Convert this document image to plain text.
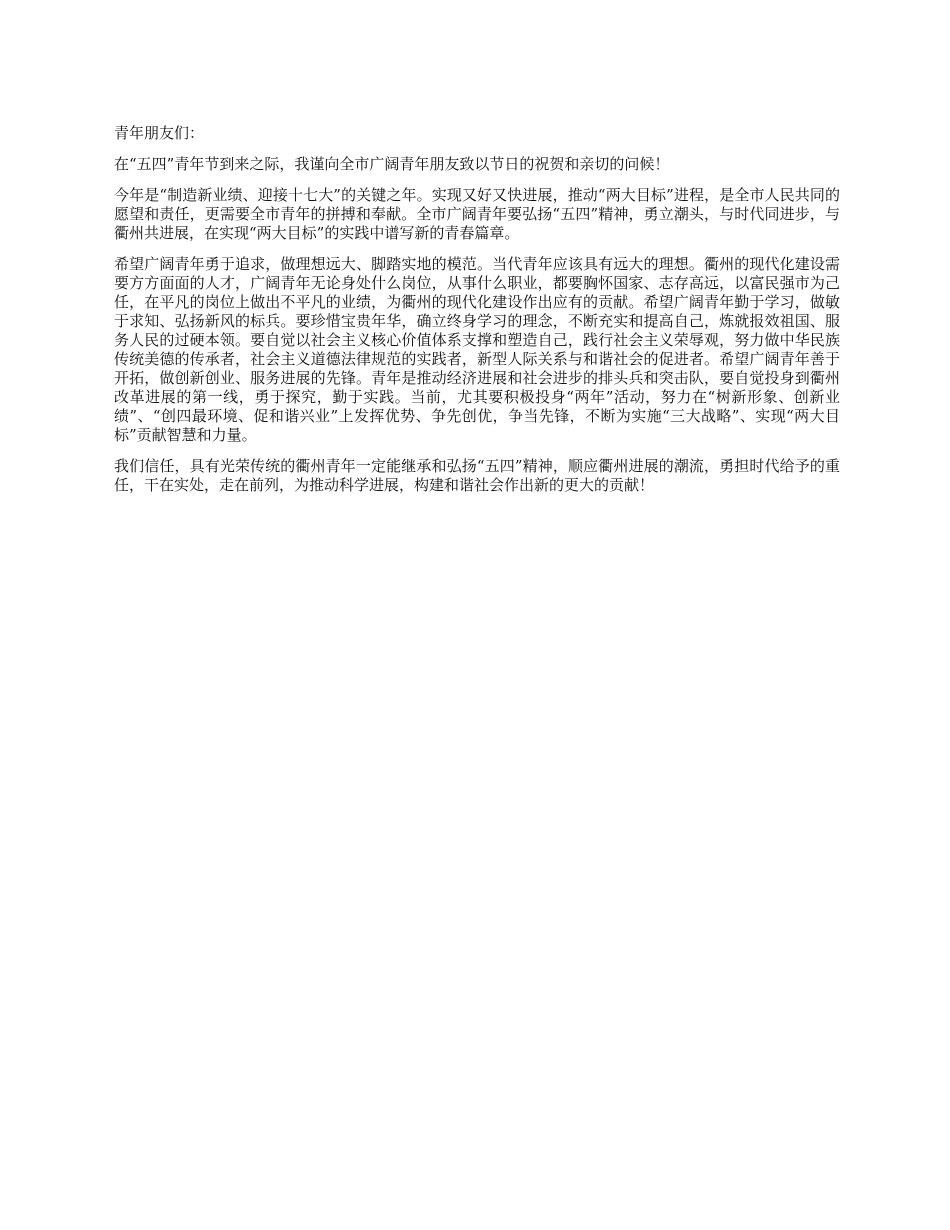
青年朋友们：

在“五四”青年节到来之际，我谨向全市广阔青年朋友致以节日的祝贺和亲切的问候！

今年是“制造新业绩、迎接十七大”的关键之年。实现又好又快进展，推动“两大目标”进程，是全市人民共同的愿望和责任，更需要全市青年的拼搏和奉献。全市广阔青年要弘扬“五四”精神，勇立潮头，与时代同进步，与衢州共进展，在实现“两大目标”的实践中谱写新的青春篇章。

希望广阔青年勇于追求，做理想远大、脚踏实地的模范。当代青年应该具有远大的理想。衢州的现代化建设需要方方面面的人才，广阔青年无论身处什么岗位，从事什么职业，都要胸怀国家、志存高远，以富民强市为己任，在平凡的岗位上做出不平凡的业绩，为衢州的现代化建设作出应有的贡献。希望广阔青年勤于学习，做敏于求知、弘扬新风的标兵。要珍惜宝贵年华，确立终身学习的理念，不断充实和提高自己，炼就报效祖国、服务人民的过硬本领。要自觉以社会主义核心价值体系支撑和塑造自己，践行社会主义荣辱观，努力做中华民族传统美德的传承者，社会主义道德法律规范的实践者，新型人际关系与和谐社会的促进者。希望广阔青年善于开拓，做创新创业、服务进展的先锋。青年是推动经济进展和社会进步的排头兵和突击队，要自觉投身到衢州改革进展的第一线，勇于探究，勤于实践。当前，尤其要积极投身“两年”活动，努力在“树新形象、创新业绩”、“创四最环境、促和谐兴业”上发挥优势、争先创优，争当先锋，不断为实施“三大战略”、实现“两大目标”贡献智慧和力量。

我们信任，具有光荣传统的衢州青年一定能继承和弘扬“五四”精神，顺应衢州进展的潮流，勇担时代给予的重任，干在实处，走在前列，为推动科学进展，构建和谐社会作出新的更大的贡献！
